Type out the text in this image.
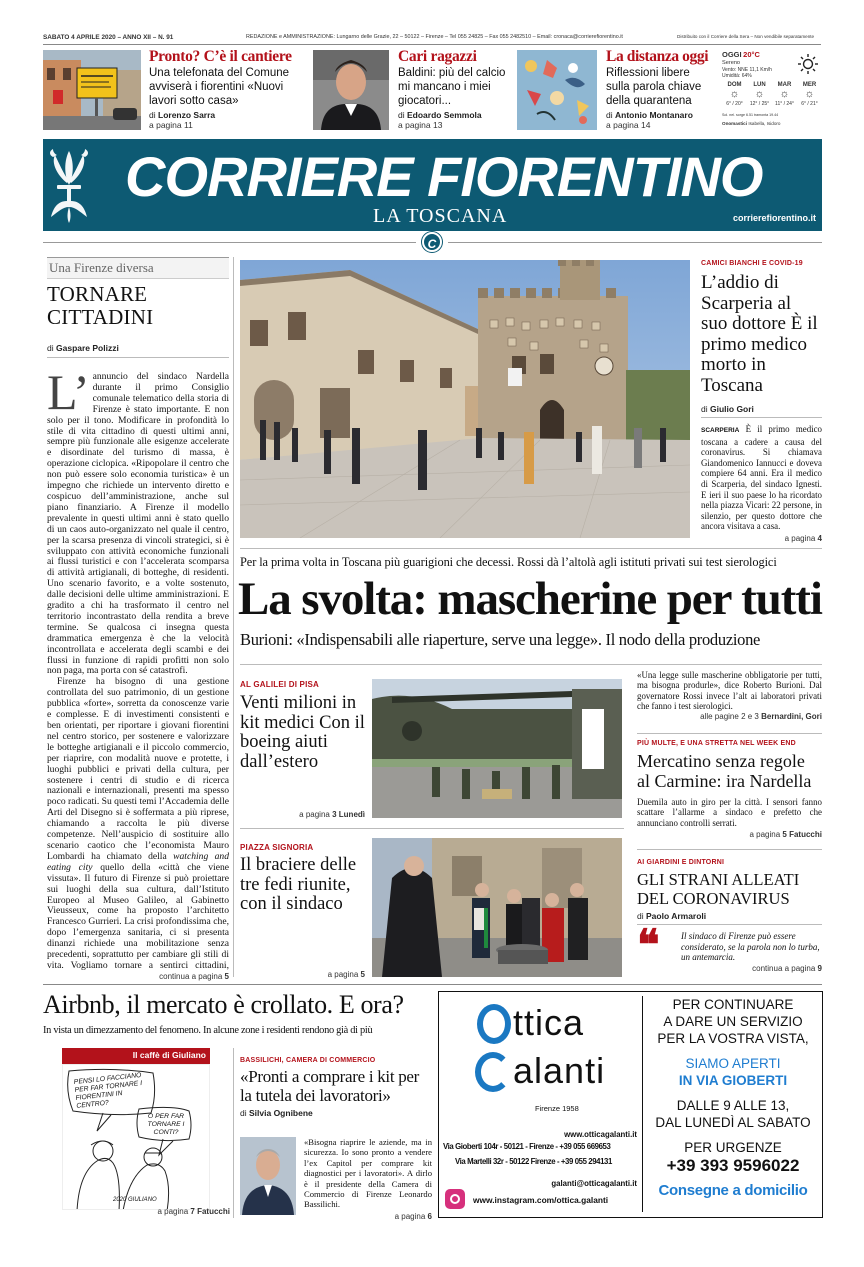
SABATO 4 APRILE 2020 – ANNO XII – N. 91	REDAZIONE e AMMINISTRAZIONE: Lungarno delle Grazie, 22 – 50122 – Firenze – Tel 055 24825 – Fax 055 2482510 – Email: cronaca@corrierefiorentino.it	Distribuito con il Corriere della Sera – Non vendibile separatamente
Pronto? C’è il cantiere
Una telefonata del Comune avviserà i fiorentini «Nuovi lavori sotto casa»
di Lorenzo Sarra
a pagina 11
Cari ragazzi
Baldini: più del calcio mi mancano i miei giocatori...
di Edoardo Semmola
a pagina 13
La distanza oggi
Riflessioni libere sulla parola chiave della quarantena
di Antonio Montanaro
a pagina 14
OGGI 20°C
Sereno
Vento: NNE 11,1 Km/h
Umidità: 64%
DOM
☼
6° / 20°
LUN
☼
12° / 25°
MAR
☼
11° / 24°
MER
☼
6° / 21°
Sol. nel. sorge 6.51 tramonta 19.44
Onomastici Isabella, Isidoro
CORRIERE FIORENTINO
LA TOSCANA	corrierefiorentino.it
C
Una Firenze diversa
TORNARE
CITTADINI
di Gaspare Polizzi
L’ annuncio del sindaco Nardella durante il primo Consiglio comunale telematico della storia di Firenze è stato importante. E non solo per il tono. Modificare in profondità lo stile di vita cittadino di questi ultimi anni, sempre più funzionale alle esigenze accelerate e disordinate del turismo di massa, è operazione ciclopica. «Ripopolare il centro che non può essere solo economia turistica» è un impegno che richiede un intervento diretto e cospicuo dell’amministrazione, anche sul piano finanziario. A Firenze il modello prevalente in questi ultimi anni è stato quello di un caos auto-organizzato nel quale il centro, per la scarsa presenza di vincoli strategici, si è sviluppato con attività economiche funzionali ai flussi turistici e con l’accelerata scomparsa di attività artigianali, di botteghe, di residenti. Uno scenario favorito, e a volte sostenuto, dalle decisioni delle ultime amministrazioni. E gradito a chi ha trasformato il centro nel territorio incontrastato della rendita a breve termine. Se qualcosa ci insegna questa drammatica emergenza è che la velocità incontrollata e accelerata degli scambi e dei flussi in funzione di rapidi profitti non solo non paga, ma porta con sé catastrofi.
Firenze ha bisogno di una gestione controllata del suo patrimonio, di un gestione pubblica «forte», sorretta da conoscenze varie e complesse. E di investimenti consistenti e ben orientati, per riportare i giovani fiorentini nel centro storico, per sostenere e valorizzare le botteghe artigianali e il piccolo commercio, per riaprire, con modalità nuove e protette, i luoghi pubblici e privati della cultura, per sostenere i centri di studio e di ricerca nazionali e internazionali, presenti ma spesso poco radicati. Su questi temi l’Accademia delle Arti del Disegno si è soffermata a più riprese, chiamando a raccolta le più diverse competenze. Nell’auspicio di sostituire allo scenario caotico che l’economista Mauro Lombardi ha chiamato della watching and eating city quello della «città che viene vissuta». Il futuro di Firenze si può proiettare sui luoghi della sua cultura, dall’Istituto Europeo al Museo Galileo, al Gabinetto Vieusseux, come ha proposto l’architetto Francesco Gurrieri. La crisi profondissima che, dopo l’emergenza sanitaria, ci si presenta dinanzi richiede una mobilitazione senza precedenti, soprattutto per cambiare gli stili di vita. Vogliamo tornare a sentirci cittadini,
continua a pagina 5
CAMICI BIANCHI E COVID-19
L’addio di Scarperia al suo dottore È il primo medico morto in Toscana
di Giulio Gori
SCARPERIA È il primo medico toscana a cadere a causa del coronavirus. Si chiamava Giandomenico Iannucci e doveva compiere 64 anni. Era il medico di Scarperia, del sindaco Ignesti. E ieri il suo paese lo ha ricordato nella piazza Vicari: 22 persone, in silenzio, per questo dottore che ancora visitava a casa.
a pagina 4
Per la prima volta in Toscana più guarigioni che decessi. Rossi dà l’altolà agli istituti privati sui test sierologici
La svolta: mascherine per tutti
Burioni: «Indispensabili alle riaperture, serve una legge». Il nodo della produzione
AL GALILEI DI PISA
Venti milioni in kit medici Con il boeing aiuti dall’estero
a pagina 3 Lunedì
«Una legge sulle mascherine obbligatorie per tutti, ma bisogna produrle», dice Roberto Burioni. Dal governatore Rossi invece l’alt ai laboratori privati che fanno i test sierologici.
alle pagine 2 e 3 Bernardini, Gori
PIÙ MULTE, E UNA STRETTA NEL WEEK END
Mercatino senza regole al Carmine: ira Nardella
Duemila auto in giro per la città. I sensori fanno scattare l’allarme a sindaco e prefetto che annunciano controlli serrati.
a pagina 5 Fatucchi
PIAZZA SIGNORIA
Il braciere delle tre fedi riunite, con il sindaco
a pagina 5
AI GIARDINI E DINTORNI
GLI STRANI ALLEATI
DEL CORONAVIRUS
di Paolo Armaroli
❝ Il sindaco di Firenze può essere considerato, se la parola non lo turba, un antemarcia.
continua a pagina 9
Airbnb, il mercato è crollato. E ora?
In vista un dimezzamento del fenomeno. In alcune zone i residenti rendono già di più
Il caffè di Giuliano
PENSI LO FACCIANO PER FAR TORNARE I FIORENTINI IN CENTRO?
O PER FAR TORNARE I CONTI?
2020 GIULIANO
a pagina 7 Fatucchi
BASSILICHI, CAMERA DI COMMERCIO
«Pronti a comprare i kit per la tutela dei lavoratori»
di Silvia Ognibene
«Bisogna riaprire le aziende, ma in sicurezza. Io sono pronto a vendere l’ex Capitol per comprare kit diagnostici per i lavoratori». A dirlo è il presidente della Camera di Commercio di Firenze Leonardo Bassilichi.
a pagina 6
ttica
alanti
Firenze 1958
www.otticagalanti.it
Via Gioberti 104r - 50121 - Firenze - +39 055 669653
Via Martelli 32r - 50122 Firenze - +39 055 294131
galanti@otticagalanti.it
www.instagram.com/ottica.galanti
PER CONTINUARE
A DARE UN SERVIZIO
PER LA VOSTRA VISTA,
SIAMO APERTI
IN VIA GIOBERTI
DALLE 9 ALLE 13,
DAL LUNEDÌ AL SABATO
PER URGENZE
+39 393 9596022
Consegne a domicilio
